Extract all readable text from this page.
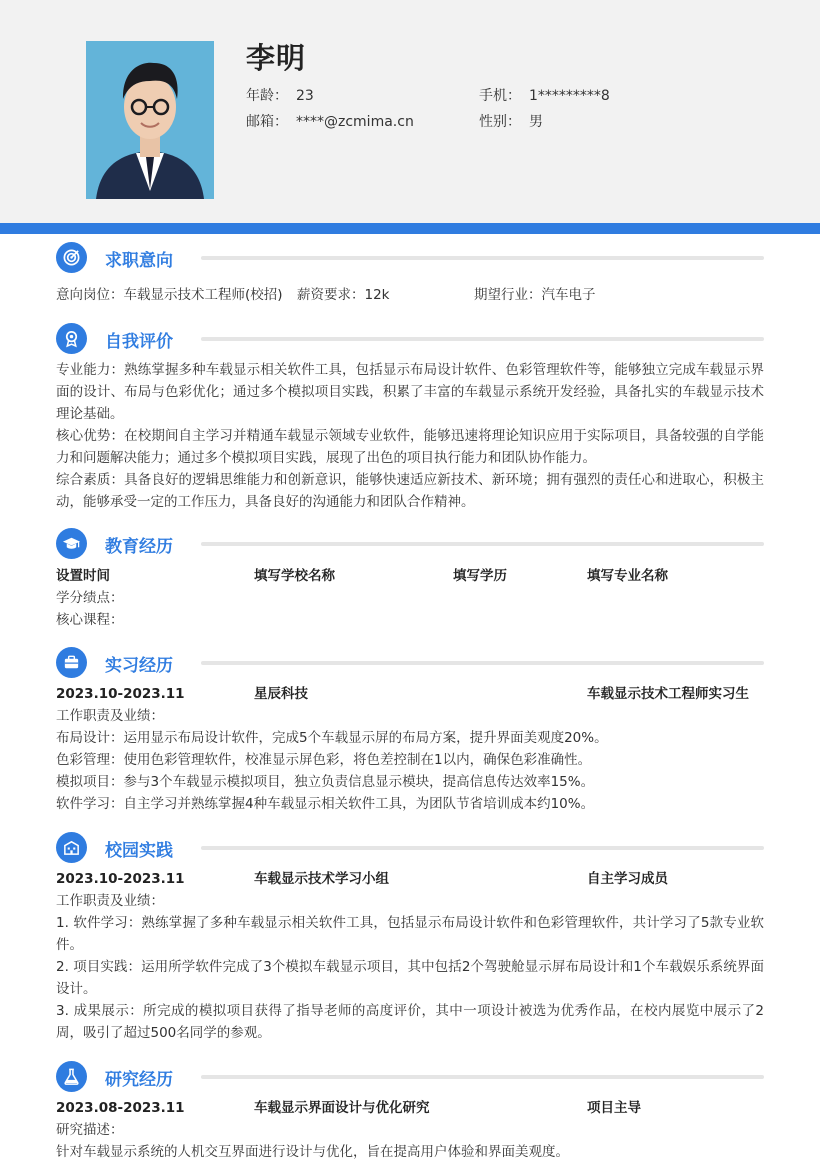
李明
年龄： 23	手机： 1*********8
邮箱： ****@zcmima.cn	性别： 男
求职意向
意向岗位：车载显示技术工程师(校招) 薪资要求：12k	期望行业：汽车电子
自我评价

专业能力：熟练掌握多种车载显示相关软件工具，包括显示布局设计软件、色彩管理软件等，能够独立完成车载显示界面的设计、布局与色彩优化；通过多个模拟项目实践，积累了丰富的车载显示系统开发经验，具备扎实的车载显示技术理论基础。

核心优势：在校期间自主学习并精通车载显示领域专业软件，能够迅速将理论知识应用于实际项目，具备较强的自学能力和问题解决能力；通过多个模拟项目实践，展现了出色的项目执行能力和团队协作能力。

综合素质：具备良好的逻辑思维能力和创新意识，能够快速适应新技术、新环境；拥有强烈的责任心和进取心，积极主动，能够承受一定的工作压力，具备良好的沟通能力和团队合作精神。

教育经历
设置时间	填写学校名称	填写学历	填写专业名称
学分绩点：
核心课程：
实习经历
2023.10-2023.11	星辰科技	车载显示技术工程师实习生
工作职责及业绩：

布局设计：运用显示布局设计软件，完成5个车载显示屏的布局方案，提升界面美观度20%。

色彩管理：使用色彩管理软件，校准显示屏色彩，将色差控制在1以内，确保色彩准确性。

模拟项目：参与3个车载显示模拟项目，独立负责信息显示模块，提高信息传达效率15%。

软件学习：自主学习并熟练掌握4种车载显示相关软件工具，为团队节省培训成本约10%。

校园实践
2023.10-2023.11	车载显示技术学习小组	自主学习成员
工作职责及业绩：

1. 软件学习：熟练掌握了多种车载显示相关软件工具，包括显示布局设计软件和色彩管理软件，共计学习了5款专业软件。

2. 项目实践：运用所学软件完成了3个模拟车载显示项目，其中包括2个驾驶舱显示屏布局设计和1个车载娱乐系统界面设计。

3. 成果展示：所完成的模拟项目获得了指导老师的高度评价，其中一项设计被选为优秀作品，在校内展览中展示了2周，吸引了超过500名同学的参观。

研究经历
2023.08-2023.11	车载显示界面设计与优化研究	项目主导
研究描述：

针对车载显示系统的人机交互界面进行设计与优化，旨在提高用户体验和界面美观度。
